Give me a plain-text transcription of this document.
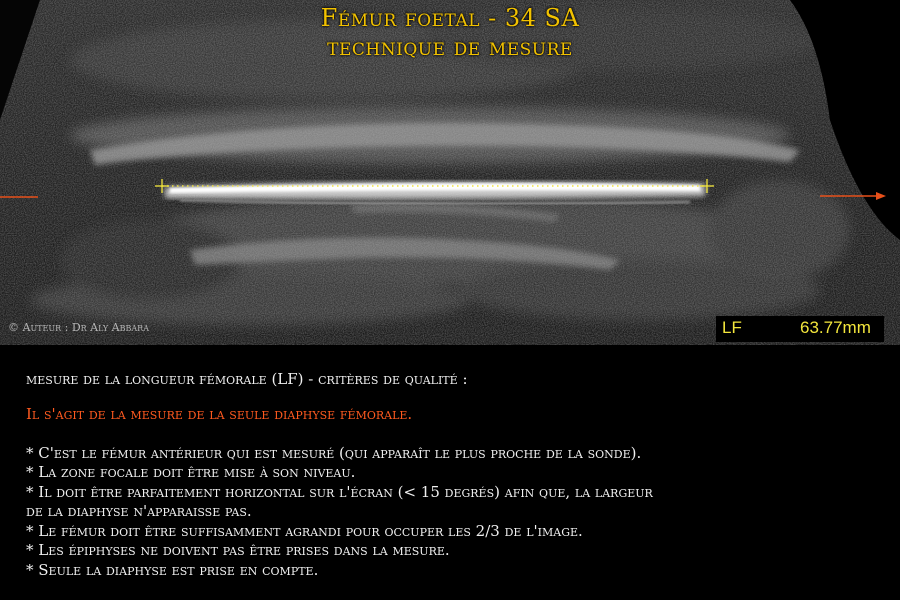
Fémur foetal - 34 SA
technique de mesure
© Auteur : Dr Aly Abbara	LF	63.77mm

mesure de la longueur fémorale (LF) - critères de qualité :

Il s'agit de la mesure de la seule diaphyse fémorale.

* C'est le fémur antérieur qui est mesuré (qui apparaît le plus proche de la sonde).

* La zone focale doit être mise à son niveau.

* Il doit être parfaitement horizontal sur l'écran (< 15 degrés) afin que, la largeur

de la diaphyse n'apparaisse pas.

* Le fémur doit être suffisamment agrandi pour occuper les 2/3 de l'image.

* Les épiphyses ne doivent pas être prises dans la mesure.

* Seule la diaphyse est prise en compte.
